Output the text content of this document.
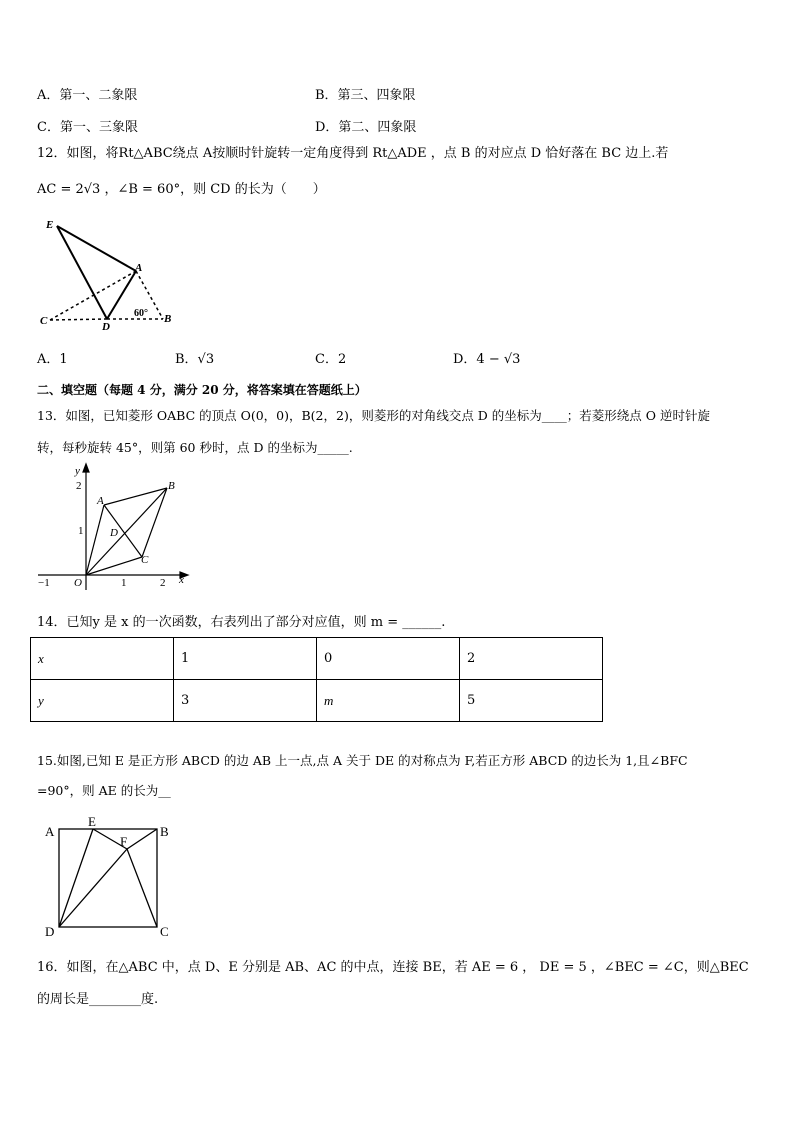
A．第一、二象限	B．第三、四象限
C．第一、三象限	D．第二、四象限
12．如图，将Rt△ABC绕点 A按顺时针旋转一定角度得到 Rt△ADE ，点 B 的对应点 D 恰好落在 BC 边上.若
AC = 2√3 ，∠B = 60°，则 CD 的长为（　　）
E
A
C	D
B
60°
A．1	B．√3	C．2	D．4 − √3
二、填空题（每题 4 分，满分 20 分，将答案填在答题纸上）
13．如图，已知菱形 OABC 的顶点 O(0，0)，B(2，2)，则菱形的对角线交点 D 的坐标为____；若菱形绕点 O 逆时针旋
转，每秒旋转 45°，则第 60 秒时，点 D 的坐标为_____.
y
x
O
A
B
C
D
2
1
−1	1	2
14．已知y 是 x 的一次函数，右表列出了部分对应值，则 m = ______.
x	1	0	2
y	3	m	5
15.如图,已知 E 是正方形 ABCD 的边 AB 上一点,点 A 关于 DE 的对称点为 F,若正方形 ABCD 的边长为 1,且∠BFC
=90°，则 AE 的长为__
A
E
B
F
D	C
16．如图，在△ABC 中，点 D、E 分别是 AB、AC 的中点，连接 BE，若 AE = 6 ， DE = 5 ，∠BEC = ∠C，则△BEC
的周长是________度.
